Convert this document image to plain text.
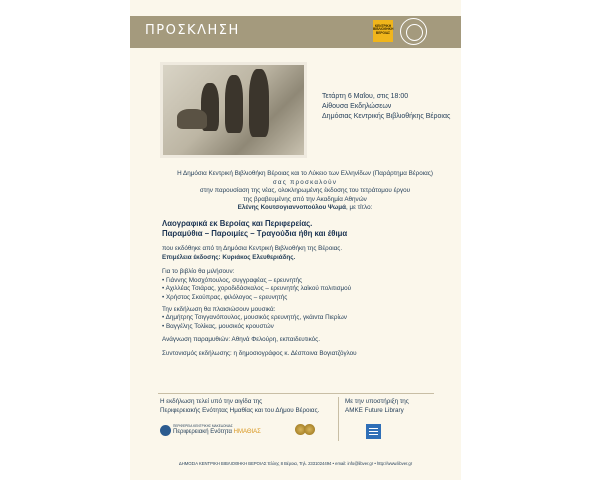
ΠΡΟΣΚΛΗΣΗ	ΚΕΝΤΡΙΚΗ ΒΙΒΛΙΟΘΗΚΗ ΒΕΡΟΙΑΣ
Τετάρτη 6 Μαΐου, στις 18:00
Αίθουσα Εκδηλώσεων
Δημόσιας Κεντρικής Βιβλιοθήκης Βέροιας
Η Δημόσια Κεντρική Βιβλιοθήκη Βέροιας και το Λύκειο των Ελληνίδων (Παράρτημα Βέροιας)
σας προσκαλούν
στην παρουσίαση της νέας, ολοκληρωμένης έκδοσης του τετράτομου έργου
της βραβευμένης από την Ακαδημία Αθηνών
Ελένης Κουτσογιαννοπούλου Ψωμά, με τίτλο:
Λαογραφικά εκ Βεροίας και Περιφερείας.
Παραμύθια – Παροιμίες – Τραγούδια ήθη και έθιμα
που εκδόθηκε από τη Δημόσια Κεντρική Βιβλιοθήκη της Βέροιας.
Επιμέλεια έκδοσης: Κυριάκος Ελευθεριάδης.
Για το βιβλίο θα μιλήσουν:
• Γιάννης Μοσχόπουλος, συγγραφέας – ερευνητής
• Αχιλλέας Τσιάρας, χοροδιδάσκαλος – ερευνητής λαϊκού πολιτισμού
• Χρήστος Σκούπρας, φιλόλογος – ερευνητής
Την εκδήλωση θα πλαισιώσουν μουσικά:
• Δημήτρης Τσιγγανόπουλος, μουσικός ερευνητής, γκάιντα Πιερίων
• Βαγγέλης Τολίκας, μουσικός κρουστών
Ανάγνωση παραμυθιών: Αθηνά Φελούρη, εκπαιδευτικός.
Συντονισμός εκδήλωσης: η δημοσιογράφος κ. Δέσποινα Βογιατζόγλου
Η εκδήλωση τελεί υπό την αιγίδα της
Περιφερειακής Ενότητας Ημαθίας και του Δήμου Βέροιας.
Με την υποστήριξη της
AMKE Future Library
ΠΕΡΙΦΕΡΕΙΑ ΚΕΝΤΡΙΚΗΣ ΜΑΚΕΔΟΝΙΑΣ
Περιφερειακή Ενότητα ΗΜΑΘΙΑΣ
ΔΗΜΟΣΙΑ ΚΕΝΤΡΙΚΗ ΒΙΒΛΙΟΘΗΚΗ ΒΕΡΟΙΑΣ Έλλης 8 Βέροια, Τηλ. 2331024494 • email: info@libver.gr • http://www.libver.gr
